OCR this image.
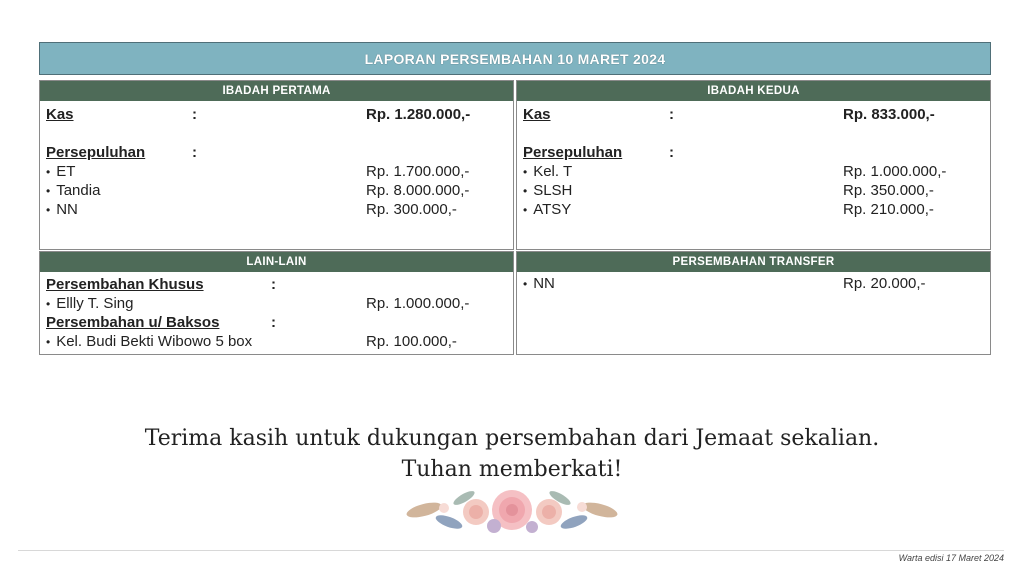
LAPORAN PERSEMBAHAN 10 MARET 2024
IBADAH PERTAMA
Kas	:	Rp. 1.280.000,-
Persepuluhan	:
• ET	Rp. 1.700.000,-
• Tandia	Rp. 8.000.000,-
• NN	Rp. 300.000,-
IBADAH KEDUA
Kas	:	Rp. 833.000,-
Persepuluhan	:
• Kel. T	Rp. 1.000.000,-
• SLSH	Rp. 350.000,-
• ATSY	Rp. 210.000,-
LAIN-LAIN
Persembahan Khusus	:
• Ellly T. Sing	Rp. 1.000.000,-
Persembahan u/ Baksos	:
• Kel. Budi Bekti Wibowo 5 box	Rp. 100.000,-
PERSEMBAHAN TRANSFER
• NN	Rp. 20.000,-
Terima kasih untuk dukungan persembahan dari Jemaat sekalian.
Tuhan memberkati!
Warta edisi 17 Maret 2024
